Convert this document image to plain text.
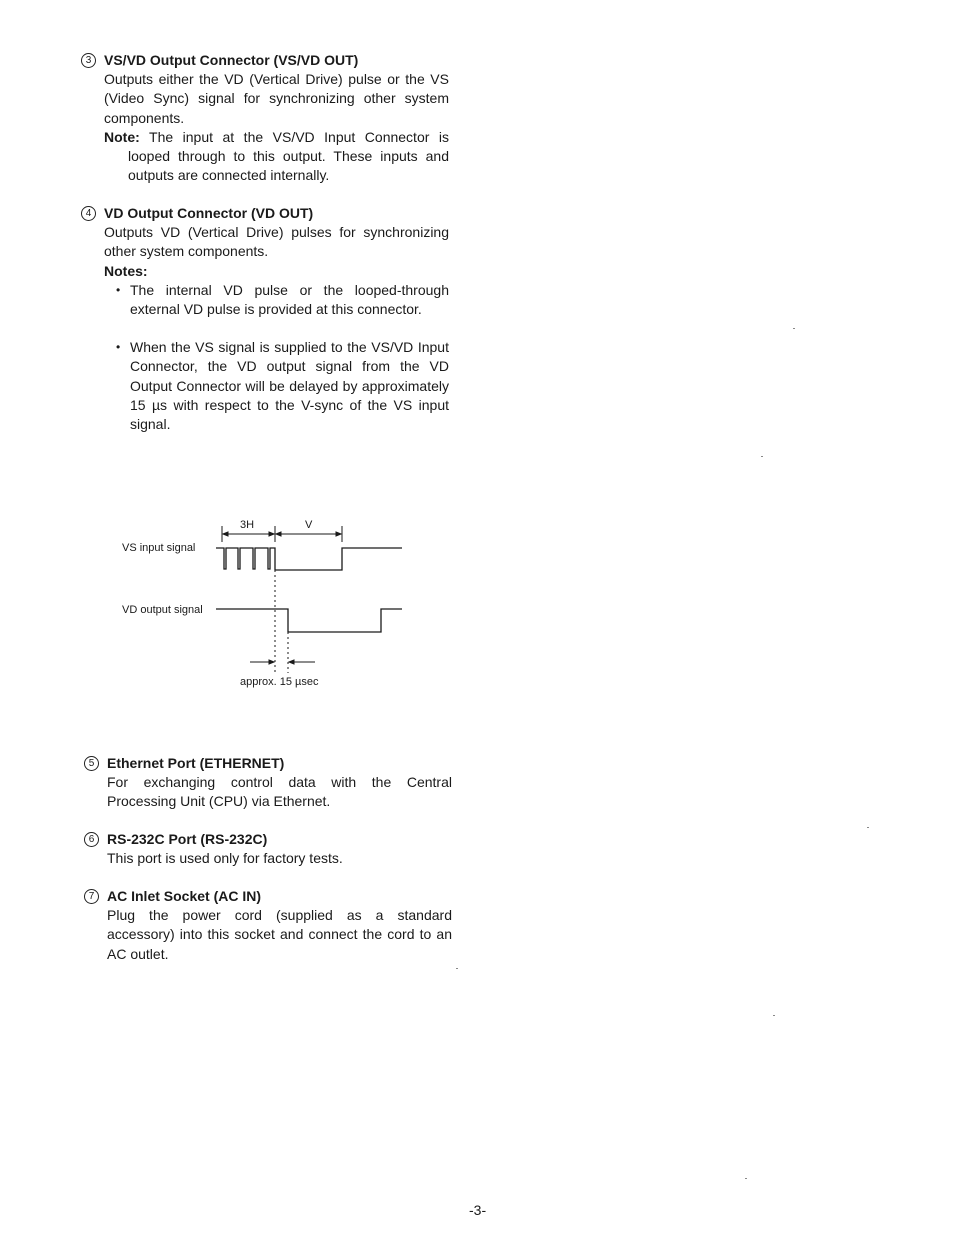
3 VS/VD Output Connector (VS/VD OUT)
Outputs either the VD (Vertical Drive) pulse or the VS (Video Sync) signal for synchronizing other system components.
Note: The input at the VS/VD Input Connector is looped through to this output. These inputs and outputs are connected internally.
4 VD Output Connector (VD OUT)
Outputs VD (Vertical Drive) pulses for synchronizing other system components.
Notes:
• The internal VD pulse or the looped-through external VD pulse is provided at this connector.
• When the VS signal is supplied to the VS/VD Input Connector, the VD output signal from the VD Output Connector will be delayed by approximately 15 µs with respect to the V-sync of the VS input signal.
3H	V
VS input signal
VD output signal
approx. 15 µsec
5 Ethernet Port (ETHERNET)
For exchanging control data with the Central Processing Unit (CPU) via Ethernet.
6 RS-232C Port (RS-232C)
This port is used only for factory tests.
7 AC Inlet Socket (AC IN)
Plug the power cord (supplied as a standard accessory) into this socket and connect the cord to an AC outlet.
-3-
